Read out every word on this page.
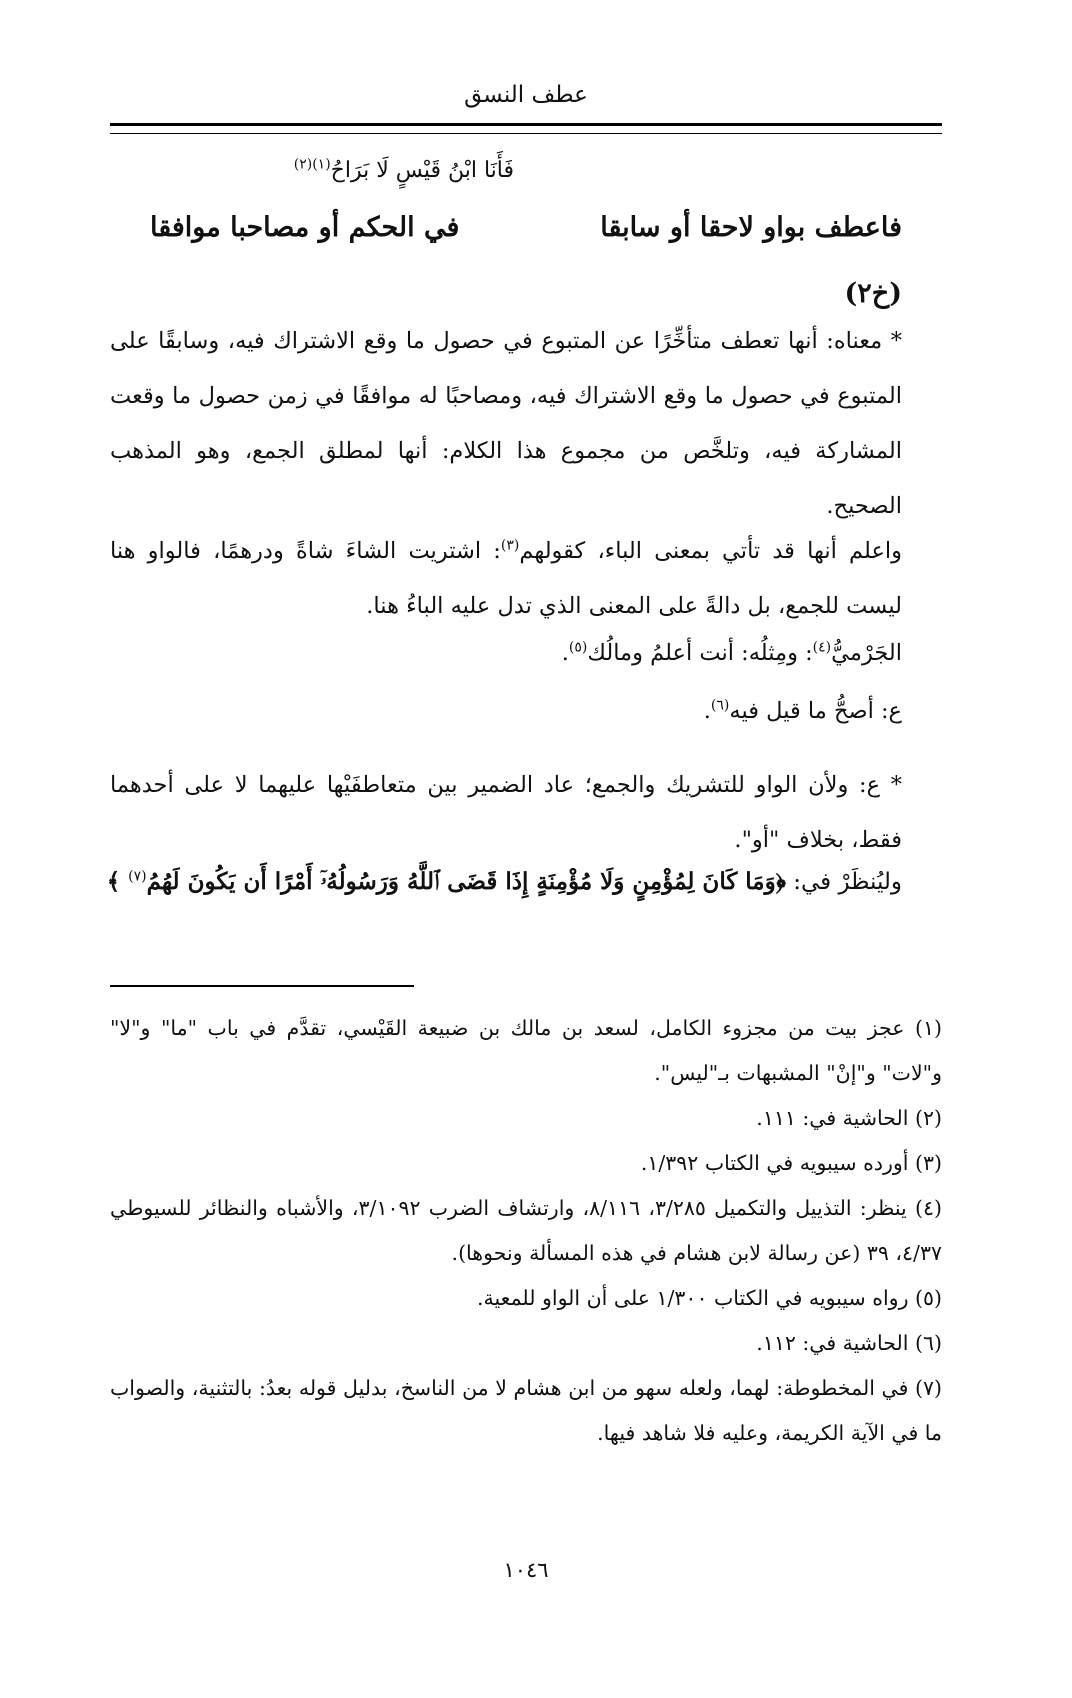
عطف النسق
فَأَنَا ابْنُ قَيْسٍ لَا بَرَاحُ$^{(١)(٢)}$
فاعطف بواو لاحقا أو سابقا
في الحكم أو مصاحبا موافقا
(خ٢)
* معناه: أنها تعطف متأخِّرًا عن المتبوع في حصول ما وقع الاشتراك فيه، وسابقًا على المتبوع في حصول ما وقع الاشتراك فيه، ومصاحبًا له موافقًا في زمن حصول ما وقعت المشاركة فيه، وتلخَّص من مجموع هذا الكلام: أنها لمطلق الجمع، وهو المذهب الصحيح.
واعلم أنها قد تأتي بمعنى الباء، كقولهم$^{(٣)}$: اشتريت الشاءَ شاةً ودرهمًا، فالواو هنا ليست للجمع، بل دالةً على المعنى الذي تدل عليه الباءُ هنا.
الجَرْميُّ$^{(٤)}$: ومِثلُه: أنت أعلمُ ومالُك$^{(٥)}$.
ع: أصحُّ ما قيل فيه$^{(٦)}$.
* ع: ولأن الواو للتشريك والجمع؛ عاد الضمير بين متعاطفَيْها عليهما لا على أحدهما فقط، بخلاف "أو".
وليُنظَرْ في: ﴿وَمَا كَانَ لِمُؤْمِنٍ وَلَا مُؤْمِنَةٍ إِذَا قَضَى ٱللَّهُ وَرَسُولُهُۥٓ أَمْرًا أَن يَكُونَ لَهُمُ$^{(٧)}$ ﴾
(١) عجز بيت من مجزوء الكامل، لسعد بن مالك بن ضبيعة القَيْسي، تقدَّم في باب "ما" و"لا" و"لات" و"إنْ" المشبهات بـ"ليس".
(٢) الحاشية في: ١١١.
(٣) أورده سيبويه في الكتاب ١/٣٩٢.
(٤) ينظر: التذييل والتكميل ٣/٢٨٥، ٨/١١٦، وارتشاف الضرب ٣/١٠٩٢، والأشباه والنظائر للسيوطي ٤/٣٧، ٣٩ (عن رسالة لابن هشام في هذه المسألة ونحوها).
(٥) رواه سيبويه في الكتاب ١/٣٠٠ على أن الواو للمعية.
(٦) الحاشية في: ١١٢.
(٧) في المخطوطة: لهما، ولعله سهو من ابن هشام لا من الناسخ، بدليل قوله بعدُ: بالتثنية، والصواب ما في الآية الكريمة، وعليه فلا شاهد فيها.
١٠٤٦
